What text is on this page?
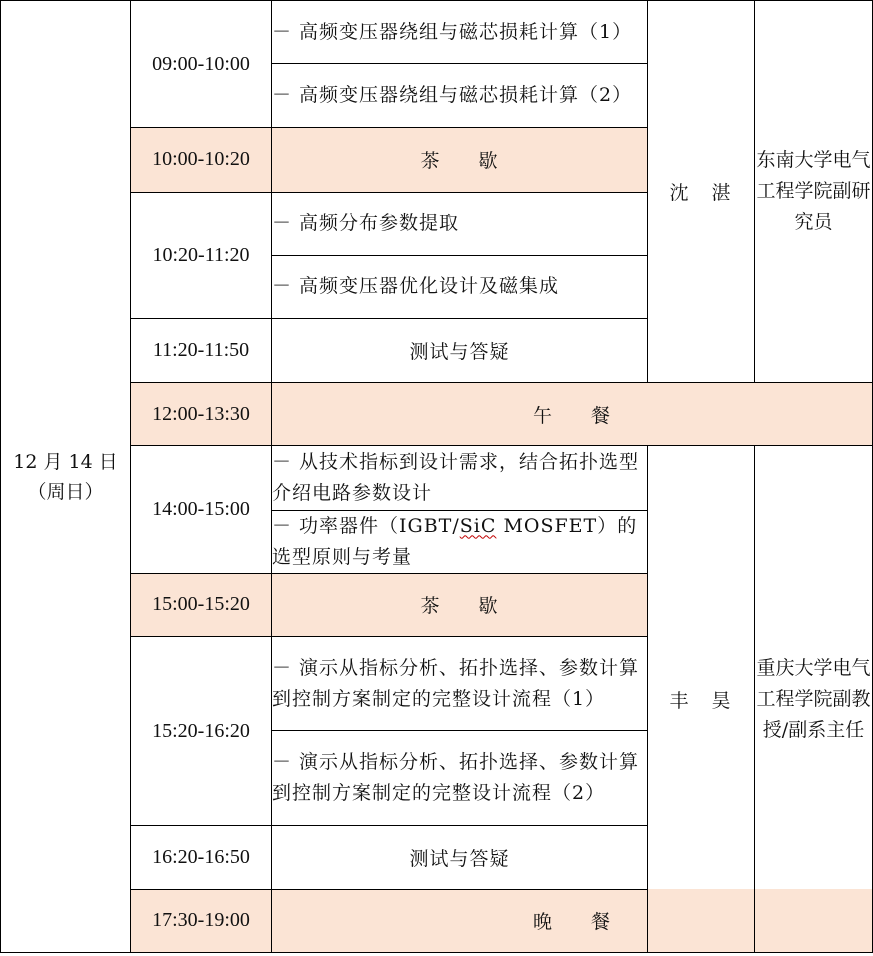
12 月 14 日
（周日）	09:00-10:00	－ 高频变压器绕组与磁芯损耗计算（1）	沈　湛	东南大学电气工程学院副研究员
		－ 高频变压器绕组与磁芯损耗计算（2）		
	10:00-10:20	茶 歇		
	10:20-11:20	－ 高频分布参数提取		
		－ 高频变压器优化设计及磁集成		
	11:20-11:50	测试与答疑		
	12:00-13:30	午 餐		
	14:00-15:00	－ 从技术指标到设计需求，结合拓扑选型介绍电路参数设计	丰　昊	重庆大学电气工程学院副教授/副系主任
		－ 功率器件（IGBT/SiC MOSFET）的选型原则与考量		
	15:00-15:20	茶 歇		
	15:20-16:20	－ 演示从指标分析、拓扑选择、参数计算到控制方案制定的完整设计流程（1）		
		－ 演示从指标分析、拓扑选择、参数计算到控制方案制定的完整设计流程（2）		
	16:20-16:50	测试与答疑		
	17:30-19:00	晚 餐		
